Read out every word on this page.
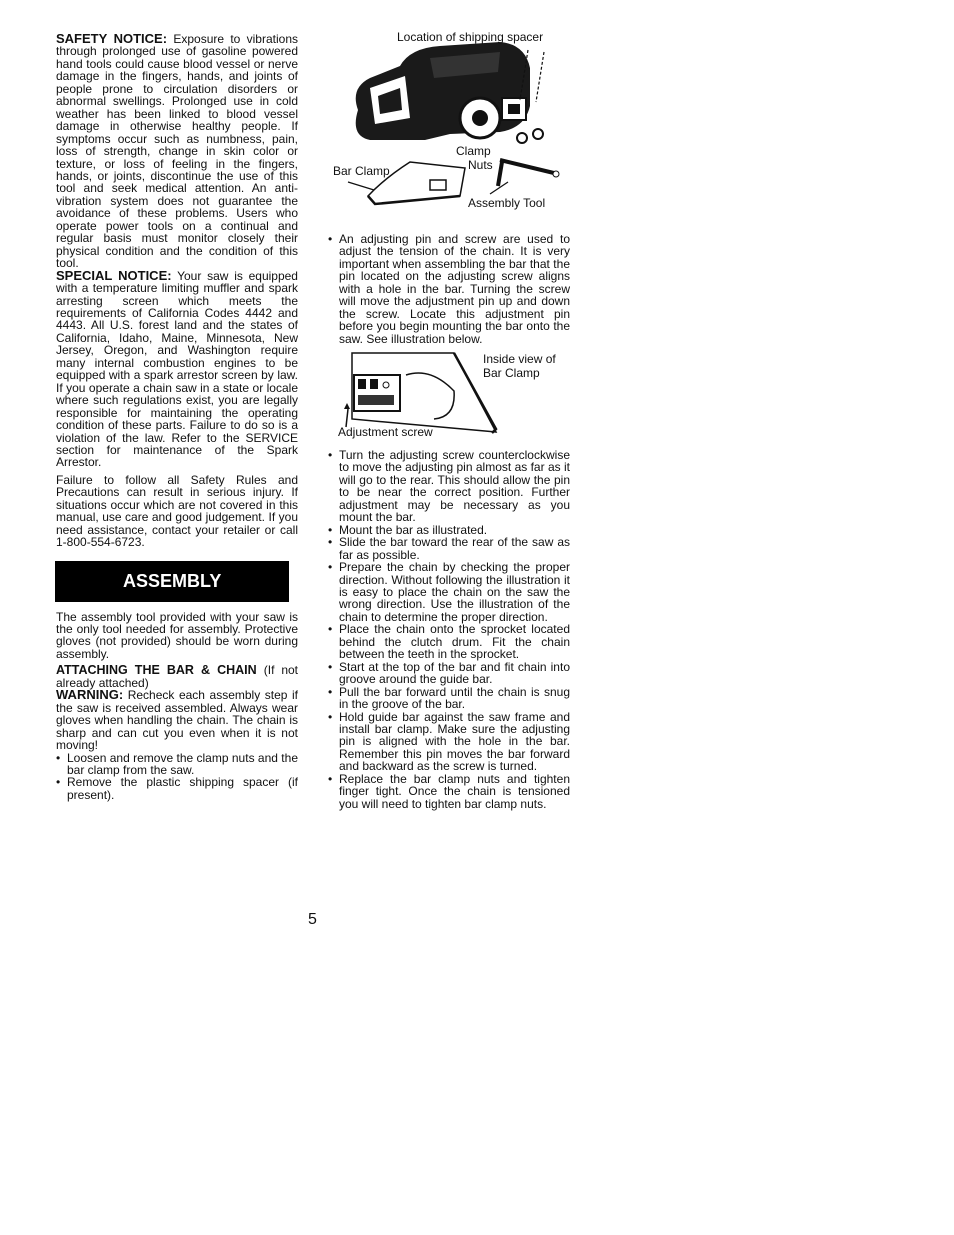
SAFETY NOTICE: Exposure to vibrations through prolonged use of gasoline powered hand tools could cause blood vessel or nerve damage in the fingers, hands, and joints of people prone to circulation disorders or abnormal swellings. Prolonged use in cold weather has been linked to blood vessel damage in otherwise healthy people. If symptoms occur such as numbness, pain, loss of strength, change in skin color or texture, or loss of feeling in the fingers, hands, or joints, discontinue the use of this tool and seek medical attention. An anti-vibration system does not guarantee the avoidance of these problems. Users who operate power tools on a continual and regular basis must monitor closely their physical condition and the condition of this tool.

SPECIAL NOTICE: Your saw is equipped with a temperature limiting muffler and spark arresting screen which meets the requirements of California Codes 4442 and 4443. All U.S. forest land and the states of California, Idaho, Maine, Minnesota, New Jersey, Oregon, and Washington require many internal combustion engines to be equipped with a spark arrestor screen by law. If you operate a chain saw in a state or locale where such regulations exist, you are legally responsible for maintaining the operating condition of these parts. Failure to do so is a violation of the law. Refer to the SERVICE section for maintenance of the Spark Arrestor.

Failure to follow all Safety Rules and Precautions can result in serious injury. If situations occur which are not covered in this manual, use care and good judgement. If you need assistance, contact your retailer or call 1-800-554-6723.

ASSEMBLY

The assembly tool provided with your saw is the only tool needed for assembly. Protective gloves (not provided) should be worn during assembly.

ATTACHING THE BAR & CHAIN (If not already attached)

WARNING: Recheck each assembly step if the saw is received assembled. Always wear gloves when handling the chain. The chain is sharp and can cut you even when it is not moving!

• Loosen and remove the clamp nuts and the bar clamp from the saw.
• Remove the plastic shipping spacer (if present).
Location of shipping spacer
Clamp
Nuts
Bar Clamp
Assembly Tool
• An adjusting pin and screw are used to adjust the tension of the chain. It is very important when assembling the bar that the pin located on the adjusting screw aligns with a hole in the bar. Turning the screw will move the adjustment pin up and down the screw. Locate this adjustment pin before you begin mounting the bar onto the saw. See illustration below.
Inside view of
Bar Clamp
Adjustment screw
• Turn the adjusting screw counterclockwise to move the adjusting pin almost as far as it will go to the rear. This should allow the pin to be near the correct position. Further adjustment may be necessary as you mount the bar.
• Mount the bar as illustrated.
• Slide the bar toward the rear of the saw as far as possible.
• Prepare the chain by checking the proper direction. Without following the illustration it is easy to place the chain on the saw the wrong direction. Use the illustration of the chain to determine the proper direction.
• Place the chain onto the sprocket located behind the clutch drum. Fit the chain between the teeth in the sprocket.
• Start at the top of the bar and fit chain into groove around the guide bar.
• Pull the bar forward until the chain is snug in the groove of the bar.
• Hold guide bar against the saw frame and install bar clamp. Make sure the adjusting pin is aligned with the hole in the bar. Remember this pin moves the bar forward and backward as the screw is turned.
• Replace the bar clamp nuts and tighten finger tight. Once the chain is tensioned you will need to tighten bar clamp nuts.
5
